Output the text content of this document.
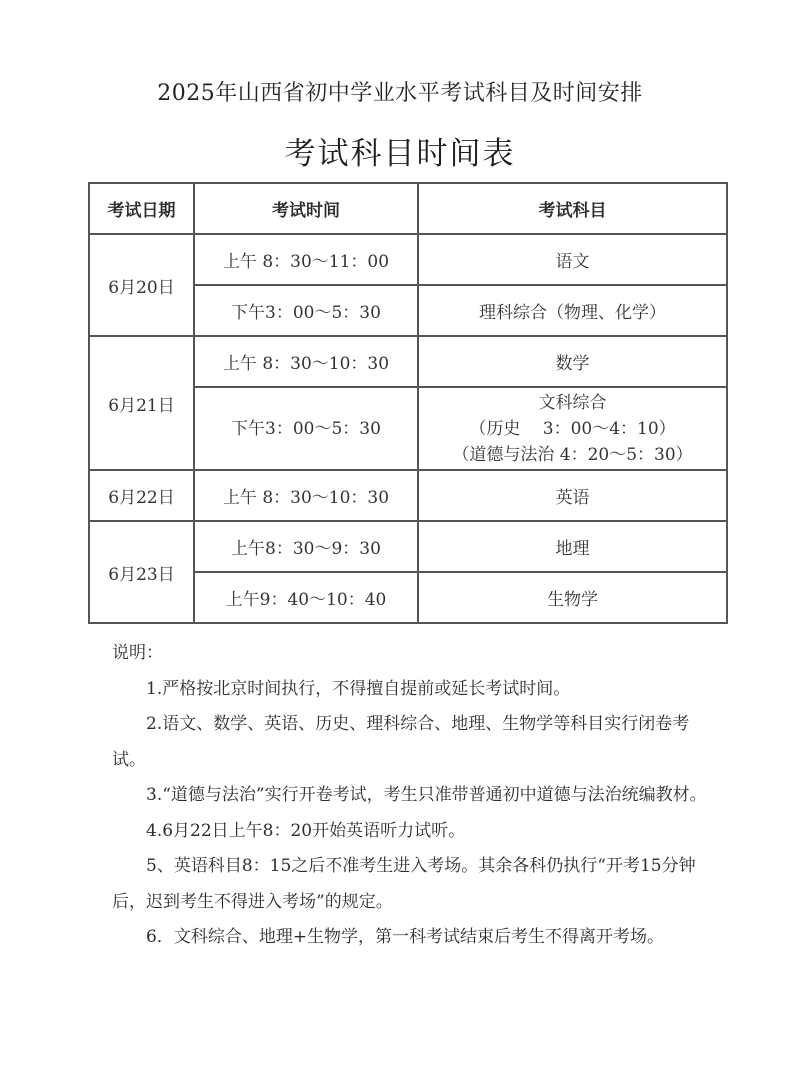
2025年山西省初中学业水平考试科目及时间安排
考试科目时间表
考试日期	考试时间	考试科目
6月20日	上午 8：30～11：00	语文
	下午3：00～5：30	理科综合（物理、化学）
6月21日	上午 8：30～10：30	数学
	下午3：00～5：30	文科综合
（历史　 3：00～4：10）
（道德与法治 4：20～5：30）

6月22日	上午 8：30～10：30	英语
6月23日	上午8：30～9：30	地理
	上午9：40～10：40	生物学

说明：

1.严格按北京时间执行，不得擅自提前或延长考试时间。

2.语文、数学、英语、历史、理科综合、地理、生物学等科目实行闭卷考试。

3.“道德与法治”实行开卷考试，考生只准带普通初中道德与法治统编教材。

4.6月22日上午8：20开始英语听力试听。

5、英语科目8：15之后不准考生进入考场。其余各科仍执行“开考15分钟后，迟到考生不得进入考场”的规定。

6．文科综合、地理+生物学，第一科考试结束后考生不得离开考场。
